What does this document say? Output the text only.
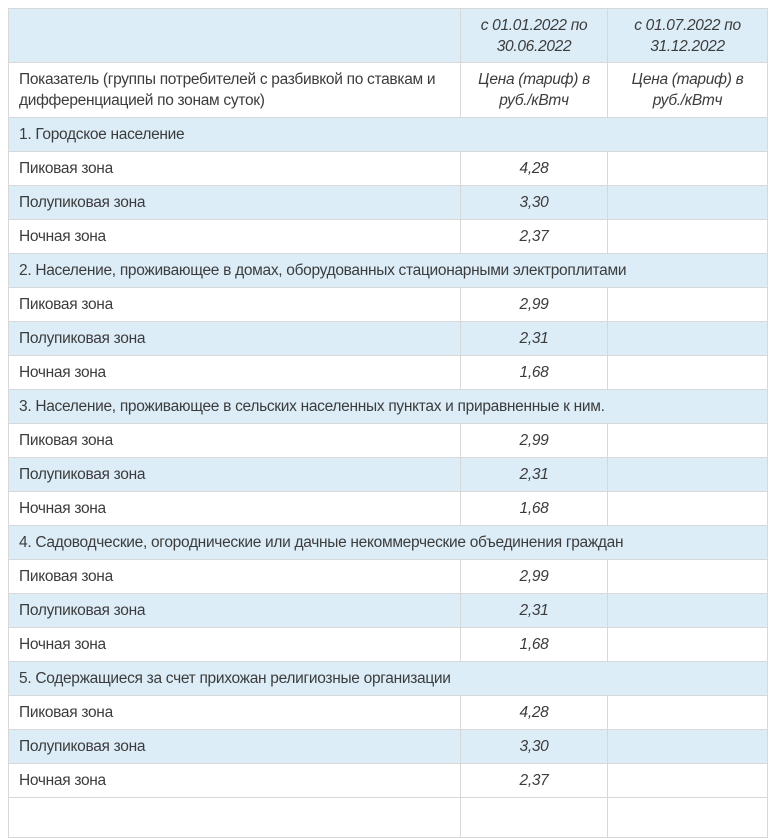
	с 01.01.2022 по 30.06.2022	с 01.07.2022 по 31.12.2022
Показатель (группы потребителей с разбивкой по ставкам и дифференциацией по зонам суток)	Цена (тариф) в руб./кВтч	Цена (тариф) в руб./кВтч
1. Городское население		
Пиковая зона	4,28	
Полупиковая зона	3,30	
Ночная зона	2,37	
2. Население, проживающее в домах, оборудованных стационарными электроплитами		
Пиковая зона	2,99	
Полупиковая зона	2,31	
Ночная зона	1,68	
3. Население, проживающее в сельских населенных пунктах и приравненные к ним.		
Пиковая зона	2,99	
Полупиковая зона	2,31	
Ночная зона	1,68	
4. Садоводческие, огороднические или дачные некоммерческие объединения граждан		
Пиковая зона	2,99	
Полупиковая зона	2,31	
Ночная зона	1,68	
5. Содержащиеся за счет прихожан религиозные организации		
Пиковая зона	4,28	
Полупиковая зона	3,30	
Ночная зона	2,37	
